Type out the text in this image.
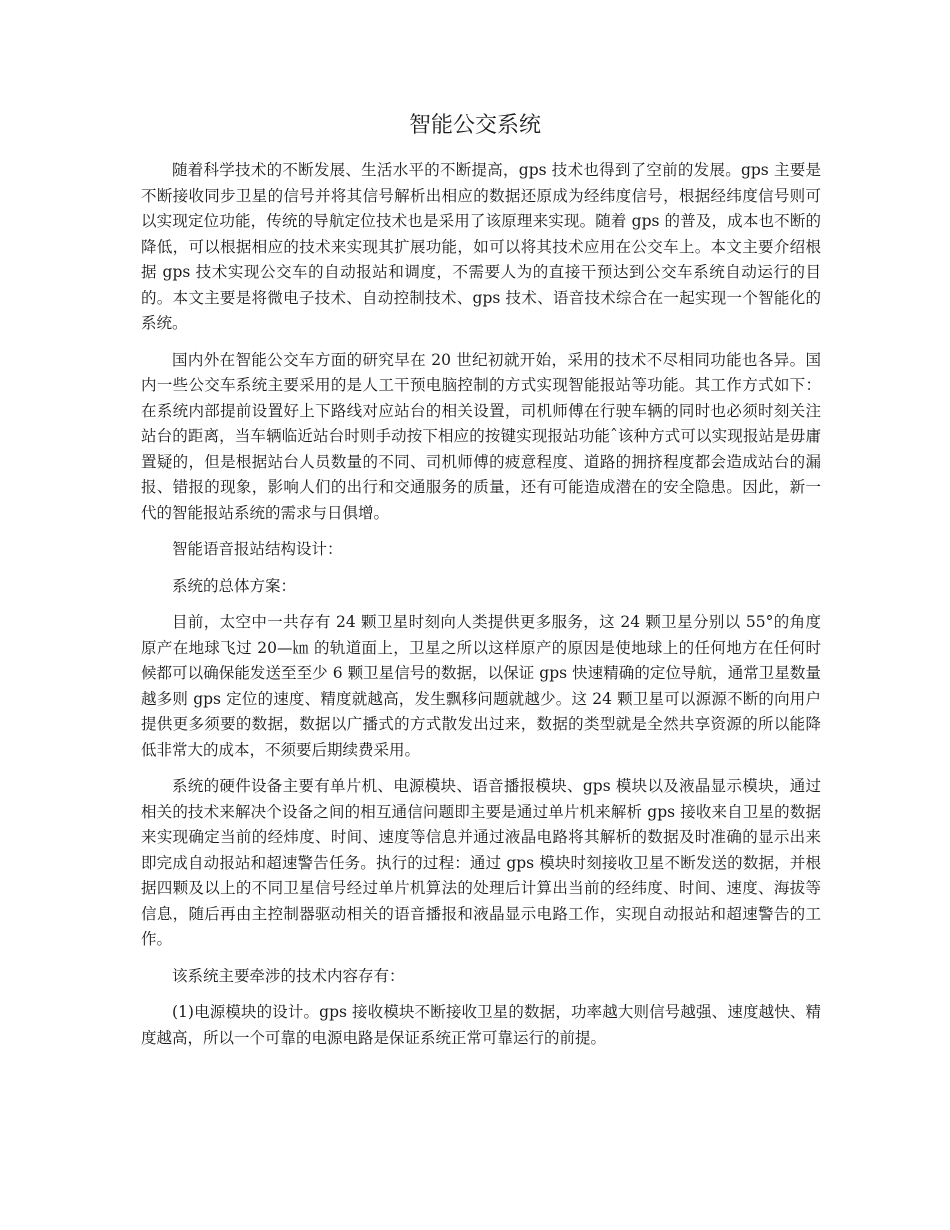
智能公交系统

随着科学技术的不断发展、生活水平的不断提高，gps 技术也得到了空前的发展。gps 主要是不断接收同步卫星的信号并将其信号解析出相应的数据还原成为经纬度信号，根据经纬度信号则可以实现定位功能，传统的导航定位技术也是采用了该原理来实现。随着 gps 的普及，成本也不断的降低，可以根据相应的技术来实现其扩展功能，如可以将其技术应用在公交车上。本文主要介绍根据 gps 技术实现公交车的自动报站和调度，不需要人为的直接干预达到公交车系统自动运行的目的。本文主要是将微电子技术、自动控制技术、gps 技术、语音技术综合在一起实现一个智能化的系统。

国内外在智能公交车方面的研究早在 20 世纪初就开始，采用的技术不尽相同功能也各异。国内一些公交车系统主要采用的是人工干预电脑控制的方式实现智能报站等功能。其工作方式如下：在系统内部提前设置好上下路线对应站台的相关设置，司机师傅在行驶车辆的同时也必须时刻关注站台的距离，当车辆临近站台时则手动按下相应的按键实现报站功能ˆ该种方式可以实现报站是毋庸置疑的，但是根据站台人员数量的不同、司机师傅的疲意程度、道路的拥挤程度都会造成站台的漏报、错报的现象，影响人们的出行和交通服务的质量，还有可能造成潜在的安全隐患。因此，新一代的智能报站系统的需求与日俱增。

智能语音报站结构设计：

系统的总体方案：

目前，太空中一共存有 24 颗卫星时刻向人类提供更多服务，这 24 颗卫星分别以 55°的角度原产在地球飞过 20—㎞ 的轨道面上，卫星之所以这样原产的原因是使地球上的任何地方在任何时候都可以确保能发送至至少 6 颗卫星信号的数据，以保证 gps 快速精确的定位导航，通常卫星数量越多则 gps 定位的速度、精度就越高，发生飘移问题就越少。这 24 颗卫星可以源源不断的向用户提供更多须要的数据，数据以广播式的方式散发出过来，数据的类型就是全然共享资源的所以能降低非常大的成本，不须要后期续费采用。

系统的硬件设备主要有单片机、电源模块、语音播报模块、gps 模块以及液晶显示模块，通过相关的技术来解决个设备之间的相互通信问题即主要是通过单片机来解析 gps 接收来自卫星的数据来实现确定当前的经炜度、时间、速度等信息并通过液晶电路将其解析的数据及时准确的显示出来即完成自动报站和超速警告任务。执行的过程：通过 gps 模块时刻接收卫星不断发送的数据，并根据四颗及以上的不同卫星信号经过单片机算法的处理后计算出当前的经纬度、时间、速度、海拔等信息，随后再由主控制器驱动相关的语音播报和液晶显示电路工作，实现自动报站和超速警告的工作。

该系统主要牵涉的技术内容存有：

(1)电源模块的设计。gps 接收模块不断接收卫星的数据，功率越大则信号越强、速度越快、精度越高，所以一个可靠的电源电路是保证系统正常可靠运行的前提。
